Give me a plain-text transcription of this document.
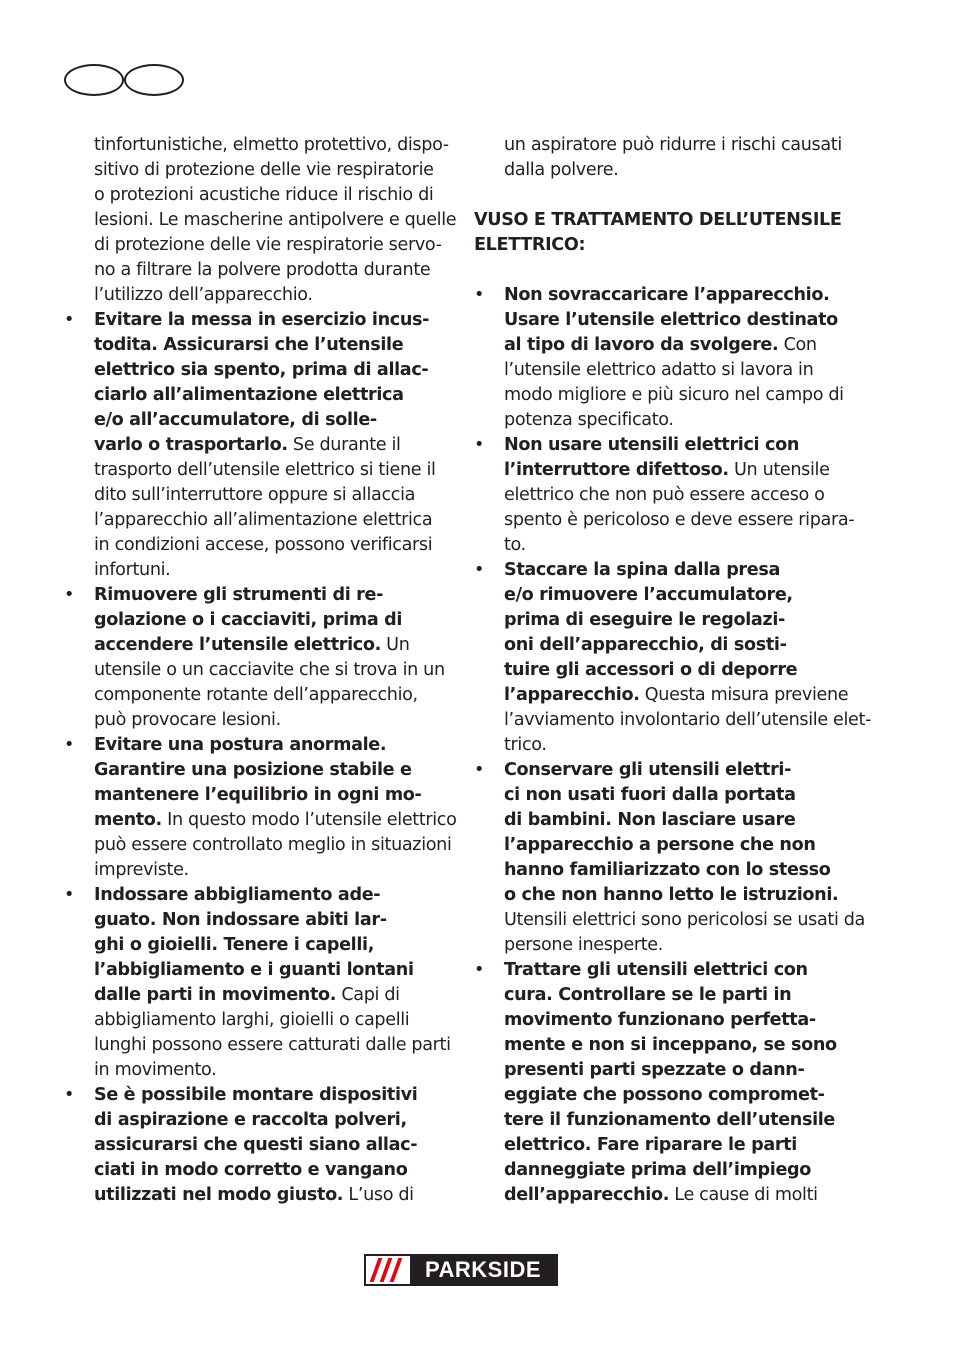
tinfortunistiche, elmetto protettivo, dispo-
sitivo di protezione delle vie respiratorie
o protezioni acustiche riduce il rischio di
lesioni. Le mascherine antipolvere e quelle
di protezione delle vie respiratorie servo-
no a filtrare la polvere prodotta durante
l’utilizzo dell’apparecchio.
• Evitare la messa in esercizio incus-
todita. Assicurarsi che l’utensile
elettrico sia spento, prima di allac-
ciarlo all’alimentazione elettrica
e/o all’accumulatore, di solle-
varlo o trasportarlo. Se durante il
trasporto dell’utensile elettrico si tiene il
dito sull’interruttore oppure si allaccia
l’apparecchio all’alimentazione elettrica
in condizioni accese, possono verificarsi
infortuni.
• Rimuovere gli strumenti di re-
golazione o i cacciaviti, prima di
accendere l’utensile elettrico. Un
utensile o un cacciavite che si trova in un
componente rotante dell’apparecchio,
può provocare lesioni.
• Evitare una postura anormale.
Garantire una posizione stabile e
mantenere l’equilibrio in ogni mo-
mento. In questo modo l’utensile elettrico
può essere controllato meglio in situazioni
impreviste.
• Indossare abbigliamento ade-
guato. Non indossare abiti lar-
ghi o gioielli. Tenere i capelli,
l’abbigliamento e i guanti lontani
dalle parti in movimento. Capi di
abbigliamento larghi, gioielli o capelli
lunghi possono essere catturati dalle parti
in movimento.
• Se è possibile montare dispositivi
di aspirazione e raccolta polveri,
assicurarsi che questi siano allac-
ciati in modo corretto e vangano
utilizzati nel modo giusto. L’uso di
un aspiratore può ridurre i rischi causati
dalla polvere.
• Non sovraccaricare l’apparecchio.
Usare l’utensile elettrico destinato
al tipo di lavoro da svolgere. Con
l’utensile elettrico adatto si lavora in
modo migliore e più sicuro nel campo di
potenza specificato.
• Non usare utensili elettrici con
l’interruttore difettoso. Un utensile
elettrico che non può essere acceso o
spento è pericoloso e deve essere ripara-
to.
• Staccare la spina dalla presa
e/o rimuovere l’accumulatore,
prima di eseguire le regolazi-
oni dell’apparecchio, di sosti-
tuire gli accessori o di deporre
l’apparecchio. Questa misura previene
l’avviamento involontario dell’utensile elet-
trico.
• Conservare gli utensili elettri-
ci non usati fuori dalla portata
di bambini. Non lasciare usare
l’apparecchio a persone che non
hanno familiarizzato con lo stesso
o che non hanno letto le istruzioni.
Utensili elettrici sono pericolosi se usati da
persone inesperte.
• Trattare gli utensili elettrici con
cura. Controllare se le parti in
movimento funzionano perfetta-
mente e non si inceppano, se sono
presenti parti spezzate o dann-
eggiate che possono compromet-
tere il funzionamento dell’utensile
elettrico. Fare riparare le parti
danneggiate prima dell’impiego
dell’apparecchio. Le cause di molti
PARKSIDE
VUSO E TRATTAMENTO DELL’UTENSILE
ELETTRICO:
